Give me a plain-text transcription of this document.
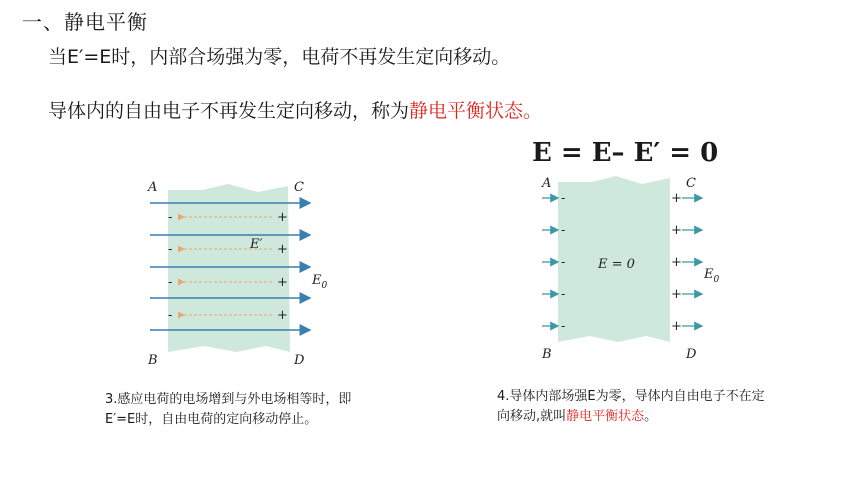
一、静电平衡
当E′=E时，内部合场强为零，电荷不再发生定向移动。
导体内的自由电子不再发生定向移动，称为静电平衡状态。
E = E– E′ = 0
-
-
-
-
+
+
+
+
A	C
B	D
E′
$E_0$
-
-
-
-
-
+
+
+
+
+
A	C
B	D
E = 0
$E_0$
3.感应电荷的电场增到与外电场相等时，即E′=E时，自由电荷的定向移动停止。
4.导体内部场强E为零，导体内自由电子不在定向移动,就叫静电平衡状态。
